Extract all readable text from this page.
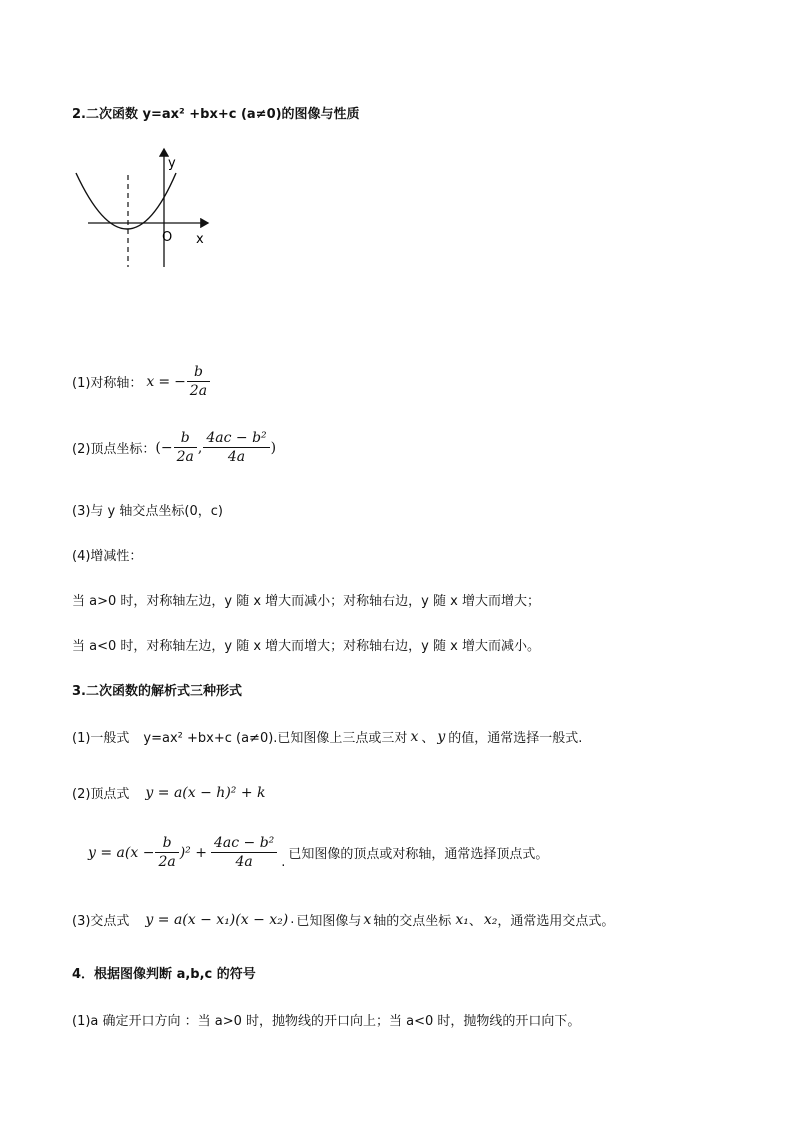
2.二次函数 y=ax² +bx+c (a≠0)的图像与性质
y
x
O
(1)对称轴： x = − $\frac{b}{2a}$
(2)顶点坐标： (− $\frac{b}{2a}$ , $\frac{\text{4ac − b²}}{4a}$ )
(3)与 y 轴交点坐标(0，c)
(4)增减性：
当 a>0 时，对称轴左边，y 随 x 增大而减小；对称轴右边，y 随 x 增大而增大；
当 a<0 时，对称轴左边，y 随 x 增大而增大；对称轴右边，y 随 x 增大而减小。
3.二次函数的解析式三种形式
(1)一般式 y=ax² +bx+c (a≠0).已知图像上三点或三对 x 、 y 的值，通常选择一般式.
(2)顶点式 y = a(x − h)² + k
$y = a(x - \frac{b}{2a} )^2 + \frac{\text{4ac − b²}}{4a}$ .
已知图像的顶点或对称轴，通常选择顶点式。
(3)交点式 y = a(x − x₁)(x − x₂) . 已知图像与 x 轴的交点坐标 x₁ 、 x₂ ，通常选用交点式。
4．根据图像判断 a,b,c 的符号
(1)a 确定开口方向 ：当 a>0 时，抛物线的开口向上；当 a<0 时，抛物线的开口向下。
